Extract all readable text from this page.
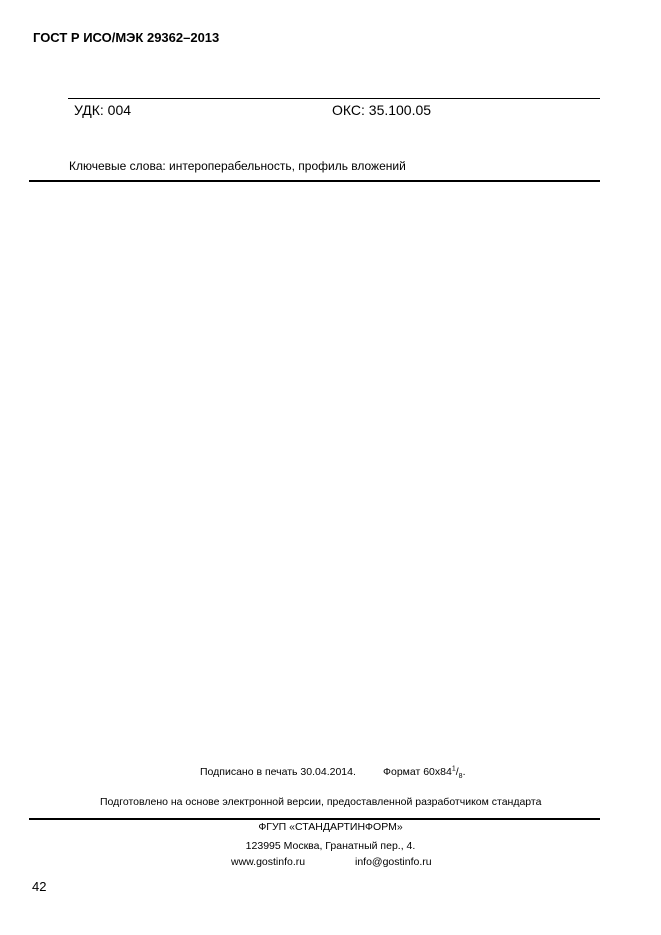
ГОСТ Р ИСО/МЭК 29362–2013
УДК: 004	ОКС: 35.100.05
Ключевые слова: интероперабельность, профиль вложений
Подписано в печать 30.04.2014.	Формат $60х84^1/_8$.
Подготовлено на основе электронной версии, предоставленной разработчиком стандарта
ФГУП «СТАНДАРТИНФОРМ»
123995 Москва, Гранатный пер., 4.
www.gostinfo.ru	info@gostinfo.ru
42
